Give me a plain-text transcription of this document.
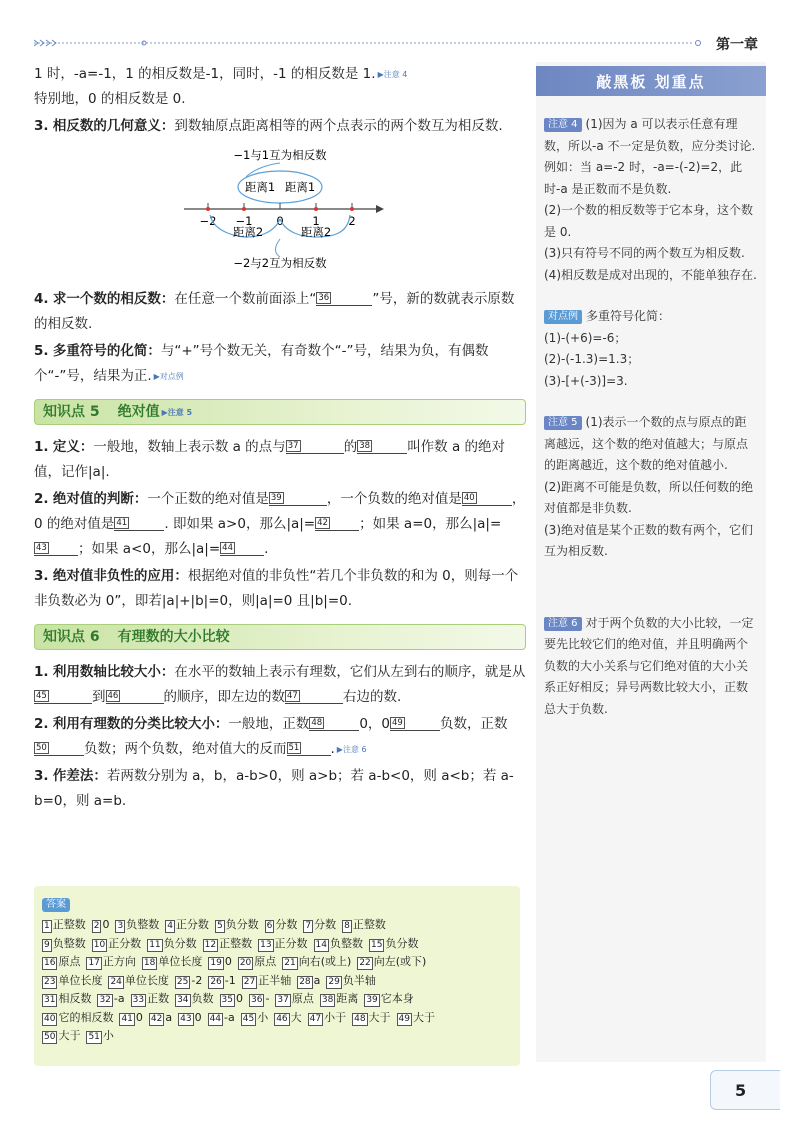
第一章
1 时，-a=-1，1 的相反数是-1，同时，-1 的相反数是 1. ▶注意 4
特别地，0 的相反数是 0.
3. 相反数的几何意义：到数轴原点距离相等的两个点表示的两个数互为相反数.
−1与1互为相反数
距离1 距离1
−2 −1 0 1 2
距离2	距离2
−2与2互为相反数
4. 求一个数的相反数：在任意一个数前面添上“ 36	”号，新的数就表示原数的相反数.
5. 多重符号的化简：与“+”号个数无关，有奇数个“-”号，结果为负，有偶数个“-”号，结果为正. ▶对点例
知识点 5 绝对值 ▶注意 5
1. 定义：一般地，数轴上表示数 a 的点与 37	的 38	叫作数 a 的绝对值，记作|a|.
2. 绝对值的判断：一个正数的绝对值是 39	，一个负数的绝对值是 40	，0 的绝对值是 41	. 即如果 a>0，那么|a|= 42 ；如果 a=0，那么|a|=
43 ；如果 a<0，那么|a|= 44 .
3. 绝对值非负性的应用：根据绝对值的非负性“若几个非负数的和为 0，则每一个非负数必为 0”，即若|a|+|b|=0，则|a|=0 且|b|=0.
知识点 6 有理数的大小比较
1. 利用数轴比较大小：在水平的数轴上表示有理数，它们从左到右的顺序，就是从
45	到 46	的顺序，即左边的数 47	右边的数.
2. 利用有理数的分类比较大小：一般地，正数 48	0，0 49	负数，正数
50	负数；两个负数，绝对值大的反而 51 . ▶注意 6
3. 作差法：若两数分别为 a，b，a-b>0，则 a>b；若 a-b<0，则 a<b；若 a-b=0，则 a=b.
答案
1 正整数 2 0 3 负整数 4 正分数 5 负分数 6 分数 7 分数 8 正整数
9 负整数 10 正分数 11 负分数 12 正整数 13 正分数 14 负整数 15 负分数
16 原点 17 正方向 18 单位长度 19 0 20 原点 21 向右(或上) 22 向左(或下)
23 单位长度 24 单位长度 25 -2 26 -1 27 正半轴 28 a 29 负半轴
31 相反数 32 -a 33 正数 34 负数 35 0 36 - 37 原点 38 距离 39 它本身
40 它的相反数 41 0 42 a 43 0 44 -a 45 小 46 大 47 小于 48 大于 49 大于
50 大于 51 小
敲黑板 划重点
注意 4 (1)因为 a 可以表示任意有理数，所以-a 不一定是负数，应分类讨论. 例如：当 a=-2 时，-a=-(-2)=2，此时-a 是正数而不是负数.
(2)一个数的相反数等于它本身，这个数是 0.
(3)只有符号不同的两个数互为相反数.
(4)相反数是成对出现的，不能单独存在.
对点例 多重符号化简：
(1)-(+6)=-6；
(2)-(-1.3)=1.3；
(3)-[+(-3)]=3.
注意 5 (1)表示一个数的点与原点的距离越远，这个数的绝对值越大；与原点的距离越近，这个数的绝对值越小.
(2)距离不可能是负数，所以任何数的绝对值都是非负数.
(3)绝对值是某个正数的数有两个，它们互为相反数.
注意 6 对于两个负数的大小比较，一定要先比较它们的绝对值，并且明确两个负数的大小关系与它们绝对值的大小关系正好相反；异号两数比较大小，正数总大于负数.
5
